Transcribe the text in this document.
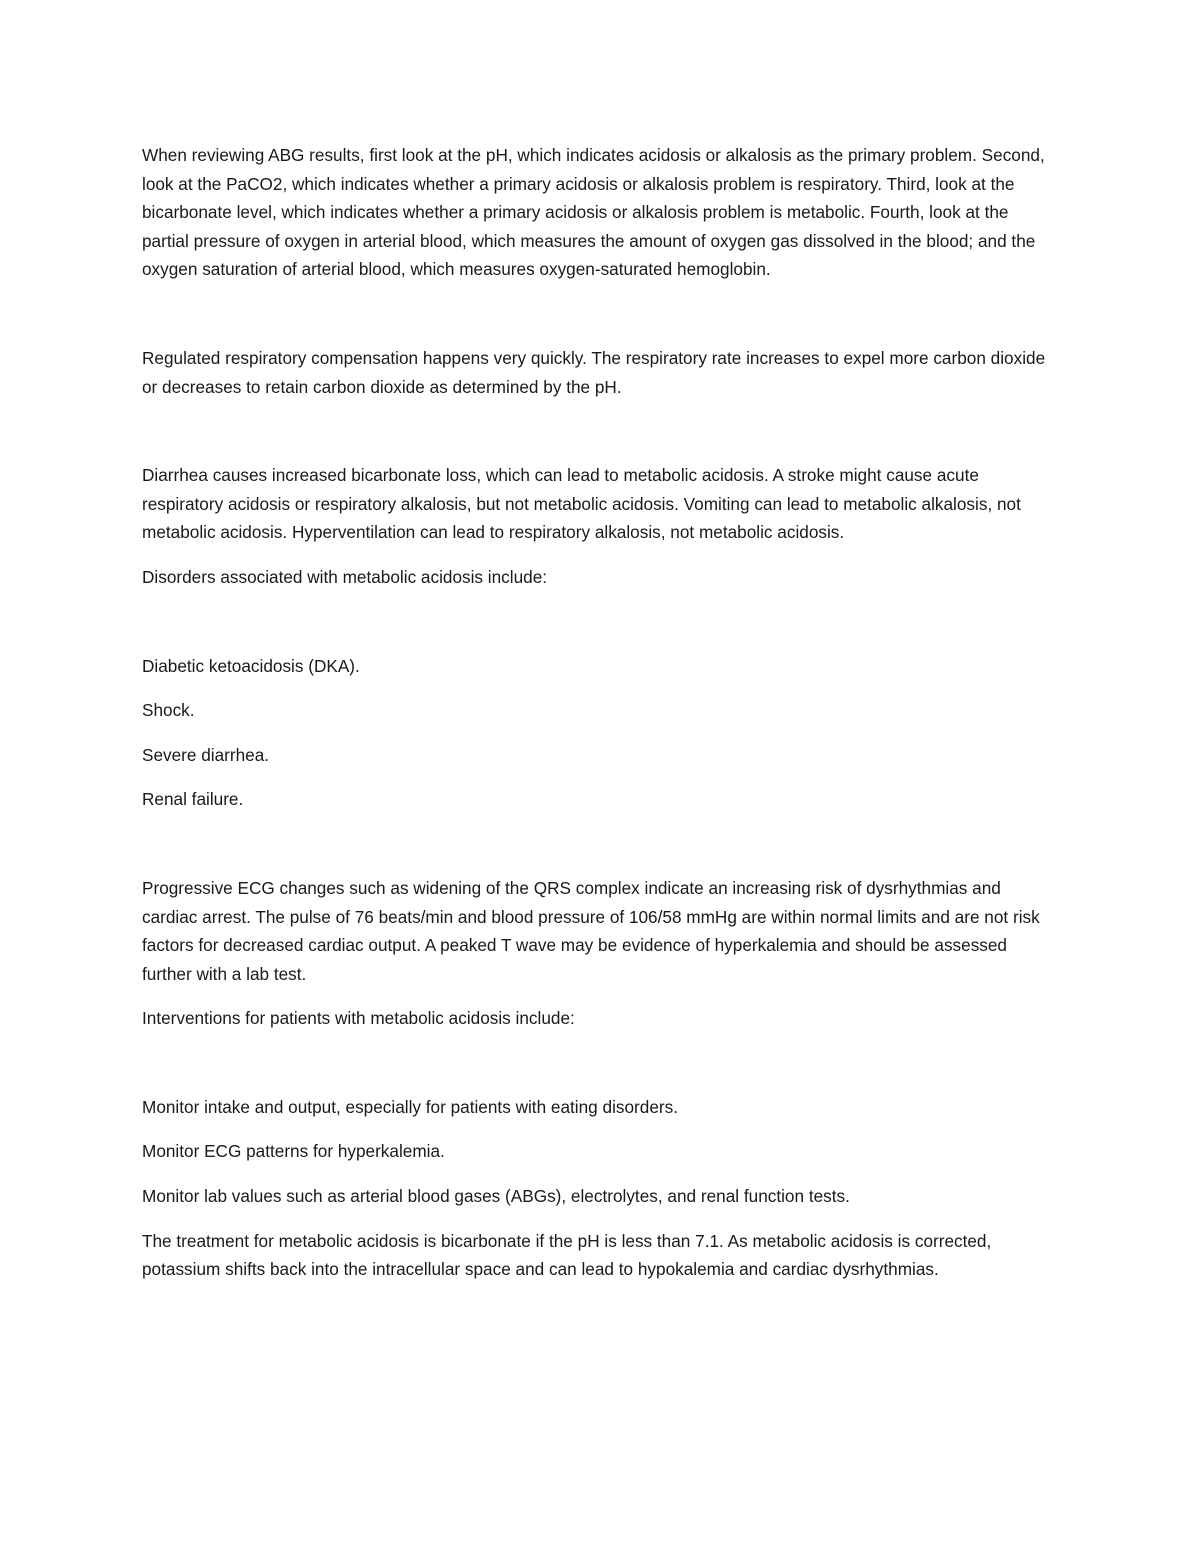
When reviewing ABG results, first look at the pH, which indicates acidosis or alkalosis as the primary problem. Second, look at the PaCO2, which indicates whether a primary acidosis or alkalosis problem is respiratory. Third, look at the bicarbonate level, which indicates whether a primary acidosis or alkalosis problem is metabolic. Fourth, look at the partial pressure of oxygen in arterial blood, which measures the amount of oxygen gas dissolved in the blood; and the oxygen saturation of arterial blood, which measures oxygen-saturated hemoglobin.

Regulated respiratory compensation happens very quickly. The respiratory rate increases to expel more carbon dioxide or decreases to retain carbon dioxide as determined by the pH.

Diarrhea causes increased bicarbonate loss, which can lead to metabolic acidosis. A stroke might cause acute respiratory acidosis or respiratory alkalosis, but not metabolic acidosis. Vomiting can lead to metabolic alkalosis, not metabolic acidosis. Hyperventilation can lead to respiratory alkalosis, not metabolic acidosis.

Disorders associated with metabolic acidosis include:

Diabetic ketoacidosis (DKA).

Shock.

Severe diarrhea.

Renal failure.

Progressive ECG changes such as widening of the QRS complex indicate an increasing risk of dysrhythmias and cardiac arrest. The pulse of 76 beats/min and blood pressure of 106/58 mmHg are within normal limits and are not risk factors for decreased cardiac output. A peaked T wave may be evidence of hyperkalemia and should be assessed further with a lab test.

Interventions for patients with metabolic acidosis include:

Monitor intake and output, especially for patients with eating disorders.

Monitor ECG patterns for hyperkalemia.

Monitor lab values such as arterial blood gases (ABGs), electrolytes, and renal function tests.

The treatment for metabolic acidosis is bicarbonate if the pH is less than 7.1. As metabolic acidosis is corrected, potassium shifts back into the intracellular space and can lead to hypokalemia and cardiac dysrhythmias.
